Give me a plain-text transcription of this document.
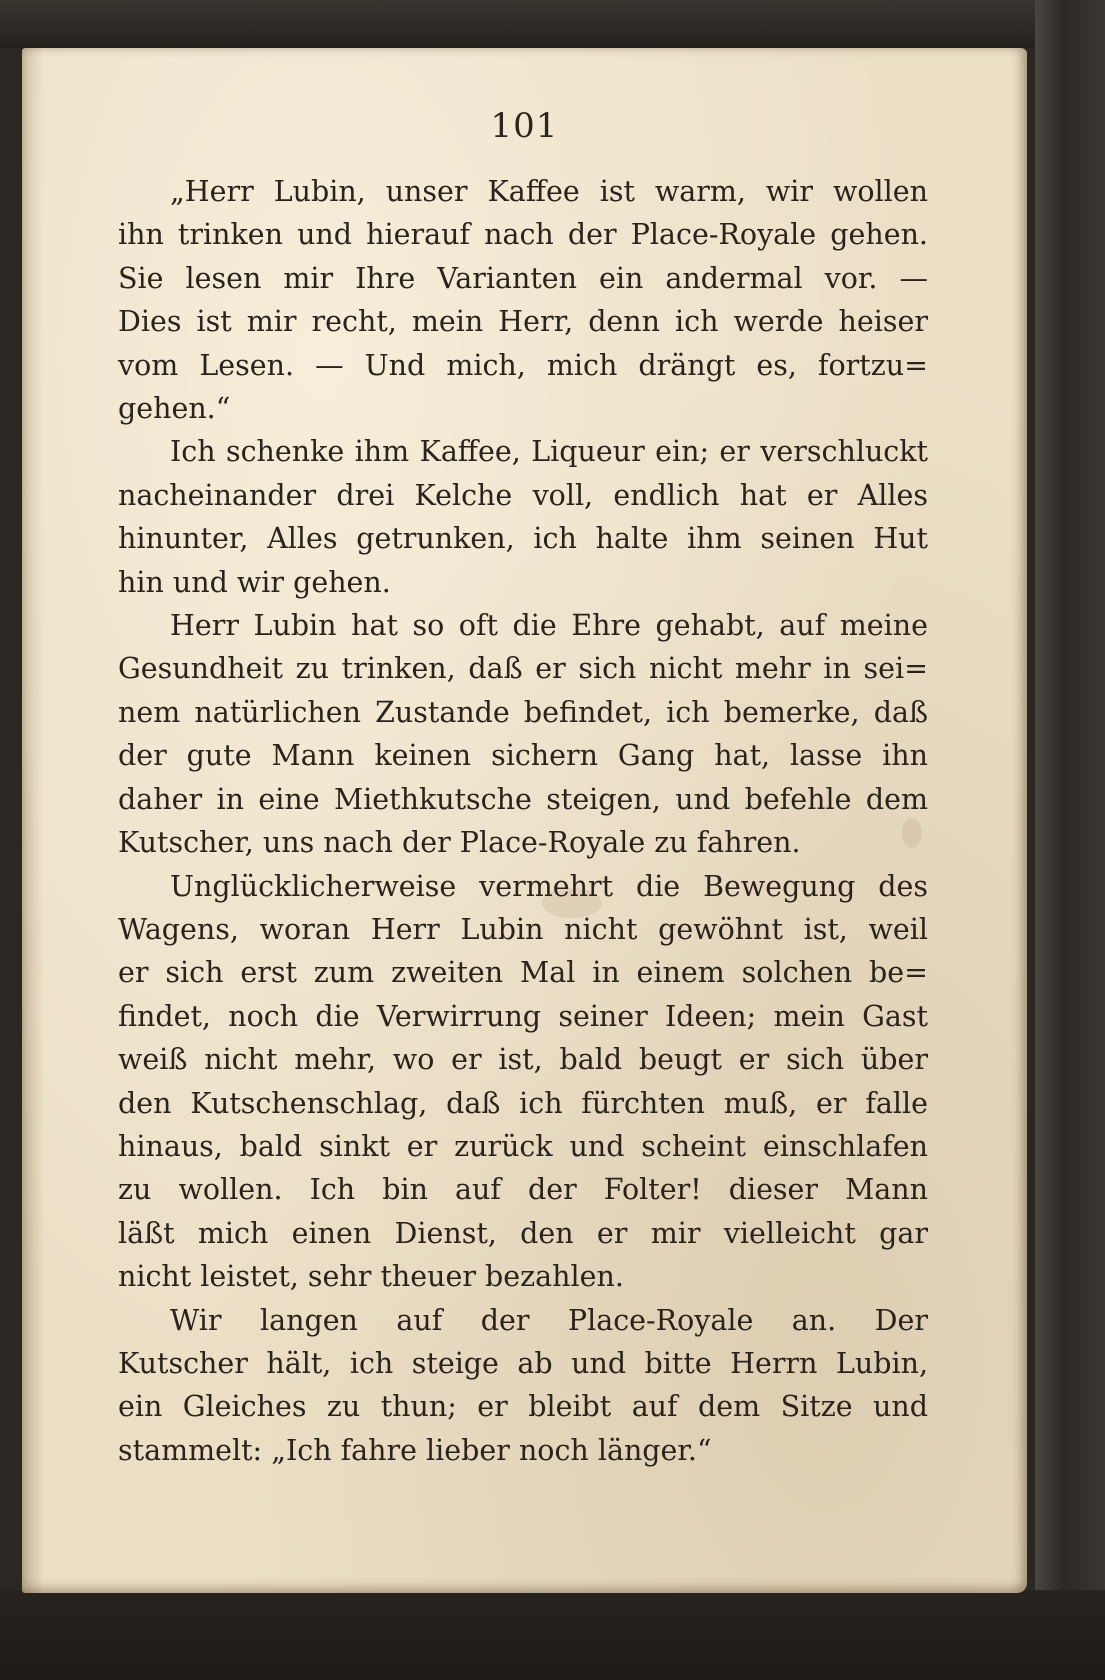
101
„Herr Lubin, unser Kaffee ist warm, wir wollen
ihn trinken und hierauf nach der Place-Royale gehen.
Sie lesen mir Ihre Varianten ein andermal vor. —
Dies ist mir recht, mein Herr, denn ich werde heiser
vom Lesen. — Und mich, mich drängt es, fortzu=
gehen.“
Ich schenke ihm Kaffee, Liqueur ein; er verschluckt
nacheinander drei Kelche voll, endlich hat er Alles
hinunter, Alles getrunken, ich halte ihm seinen Hut
hin und wir gehen.
Herr Lubin hat so oft die Ehre gehabt, auf meine
Gesundheit zu trinken, daß er sich nicht mehr in sei=
nem natürlichen Zustande befindet, ich bemerke, daß
der gute Mann keinen sichern Gang hat, lasse ihn
daher in eine Miethkutsche steigen, und befehle dem
Kutscher, uns nach der Place-Royale zu fahren.
Unglücklicherweise vermehrt die Bewegung des
Wagens, woran Herr Lubin nicht gewöhnt ist, weil
er sich erst zum zweiten Mal in einem solchen be=
findet, noch die Verwirrung seiner Ideen; mein Gast
weiß nicht mehr, wo er ist, bald beugt er sich über
den Kutschenschlag, daß ich fürchten muß, er falle
hinaus, bald sinkt er zurück und scheint einschlafen
zu wollen. Ich bin auf der Folter! dieser Mann
läßt mich einen Dienst, den er mir vielleicht gar
nicht leistet, sehr theuer bezahlen.
Wir langen auf der Place-Royale an. Der
Kutscher hält, ich steige ab und bitte Herrn Lubin,
ein Gleiches zu thun; er bleibt auf dem Sitze und
stammelt: „Ich fahre lieber noch länger.“
